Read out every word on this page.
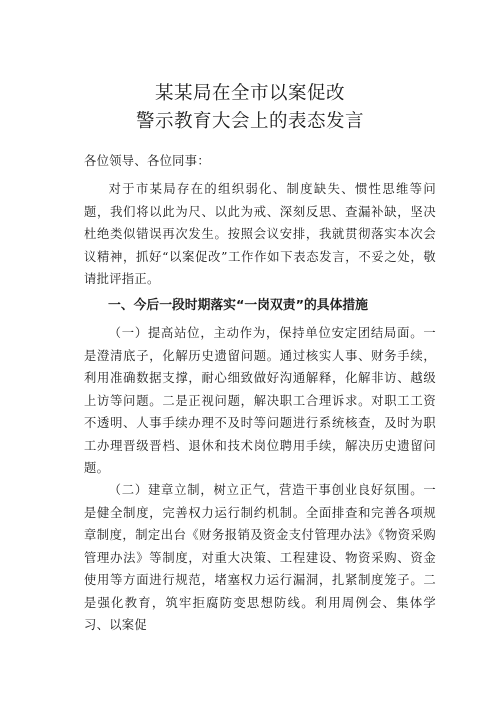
某某局在全市以案促改
警示教育大会上的表态发言
各位领导、各位同事：
对于市某局存在的组织弱化、制度缺失、惯性思维等问题，我们将以此为尺、以此为戒、深刻反思、查漏补缺，坚决杜绝类似错误再次发生。按照会议安排，我就贯彻落实本次会议精神，抓好“以案促改”工作作如下表态发言，不妥之处，敬请批评指正。
一、今后一段时期落实“一岗双责”的具体措施
（一）提高站位，主动作为，保持单位安定团结局面。一是澄清底子，化解历史遗留问题。通过核实人事、财务手续，利用准确数据支撑，耐心细致做好沟通解释，化解非访、越级上访等问题。二是正视问题，解决职工合理诉求。对职工工资不透明、人事手续办理不及时等问题进行系统核查，及时为职工办理晋级晋档、退休和技术岗位聘用手续，解决历史遗留问题。
（二）建章立制，树立正气，营造干事创业良好氛围。一是健全制度，完善权力运行制约机制。全面排查和完善各项规章制度，制定出台《财务报销及资金支付管理办法》《物资采购管理办法》等制度，对重大决策、工程建设、物资采购、资金使用等方面进行规范，堵塞权力运行漏洞，扎紧制度笼子。二是强化教育，筑牢拒腐防变思想防线。利用周例会、集体学习、以案促
